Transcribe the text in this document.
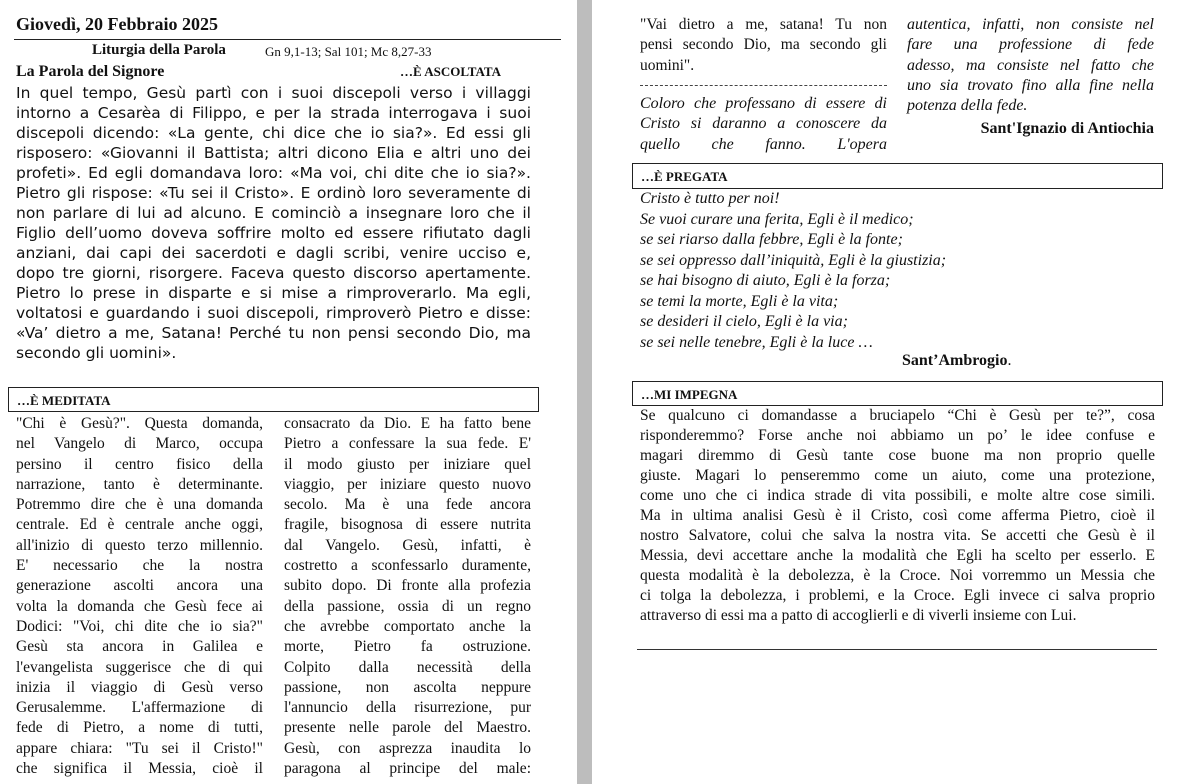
Giovedì, 20 Febbraio 2025
Liturgia della Parola	Gn 9,1-13; Sal 101; Mc 8,27-33
La Parola del Signore	…È ASCOLTATA
In quel tempo, Gesù partì con i suoi discepoli verso i villaggi
intorno a Cesarèa di Filippo, e per la strada interrogava i suoi
discepoli dicendo: «La gente, chi dice che io sia?». Ed essi gli
risposero: «Giovanni il Battista; altri dicono Elia e altri uno dei
profeti». Ed egli domandava loro: «Ma voi, chi dite che io sia?».
Pietro gli rispose: «Tu sei il Cristo». E ordinò loro severamente di
non parlare di lui ad alcuno. E cominciò a insegnare loro che il
Figlio dell’uomo doveva soffrire molto ed essere rifiutato dagli
anziani, dai capi dei sacerdoti e dagli scribi, venire ucciso e,
dopo tre giorni, risorgere. Faceva questo discorso apertamente.
Pietro lo prese in disparte e si mise a rimproverarlo. Ma egli,
voltatosi e guardando i suoi discepoli, rimproverò Pietro e disse:
«Va’ dietro a me, Satana! Perché tu non pensi secondo Dio, ma
secondo gli uomini».
…È MEDITATA
"Chi è Gesù?". Questa domanda,
nel Vangelo di Marco, occupa
persino il centro fisico della
narrazione, tanto è determinante.
Potremmo dire che è una domanda
centrale. Ed è centrale anche oggi,
all'inizio di questo terzo millennio.
E' necessario che la nostra
generazione ascolti ancora una
volta la domanda che Gesù fece ai
Dodici: "Voi, chi dite che io sia?"
Gesù sta ancora in Galilea e
l'evangelista suggerisce che di qui
inizia il viaggio di Gesù verso
Gerusalemme. L'affermazione di
fede di Pietro, a nome di tutti,
appare chiara: "Tu sei il Cristo!"
che significa il Messia, cioè il
consacrato da Dio. E ha fatto bene
Pietro a confessare la sua fede. E'
il modo giusto per iniziare quel
viaggio, per iniziare questo nuovo
secolo. Ma è una fede ancora
fragile, bisognosa di essere nutrita
dal Vangelo. Gesù, infatti, è
costretto a sconfessarlo duramente,
subito dopo. Di fronte alla profezia
della passione, ossia di un regno
che avrebbe comportato anche la
morte, Pietro fa ostruzione.
Colpito dalla necessità della
passione, non ascolta neppure
l'annuncio della risurrezione, pur
presente nelle parole del Maestro.
Gesù, con asprezza inaudita lo
paragona al principe del male:
"Vai dietro a me, satana! Tu non
pensi secondo Dio, ma secondo gli
uomini".
Coloro che professano di essere di
Cristo si daranno a conoscere da
quello che fanno. L'opera
autentica, infatti, non consiste nel
fare una professione di fede
adesso, ma consiste nel fatto che
uno sia trovato fino alla fine nella
potenza della fede.
Sant'Ignazio di Antiochia
…È PREGATA
Cristo è tutto per noi!
Se vuoi curare una ferita, Egli è il medico;
se sei riarso dalla febbre, Egli è la fonte;
se sei oppresso dall’iniquità, Egli è la giustizia;
se hai bisogno di aiuto, Egli è la forza;
se temi la morte, Egli è la vita;
se desideri il cielo, Egli è la via;
se sei nelle tenebre, Egli è la luce …
Sant’Ambrogio.
…MI IMPEGNA
Se qualcuno ci domandasse a bruciapelo “Chi è Gesù per te?”, cosa
risponderemmo? Forse anche noi abbiamo un po’ le idee confuse e
magari diremmo di Gesù tante cose buone ma non proprio quelle
giuste. Magari lo penseremmo come un aiuto, come una protezione,
come uno che ci indica strade di vita possibili, e molte altre cose simili.
Ma in ultima analisi Gesù è il Cristo, così come afferma Pietro, cioè il
nostro Salvatore, colui che salva la nostra vita. Se accetti che Gesù è il
Messia, devi accettare anche la modalità che Egli ha scelto per esserlo. E
questa modalità è la debolezza, è la Croce. Noi vorremmo un Messia che
ci tolga la debolezza, i problemi, e la Croce. Egli invece ci salva proprio
attraverso di essi ma a patto di accoglierli e di viverli insieme con Lui.
